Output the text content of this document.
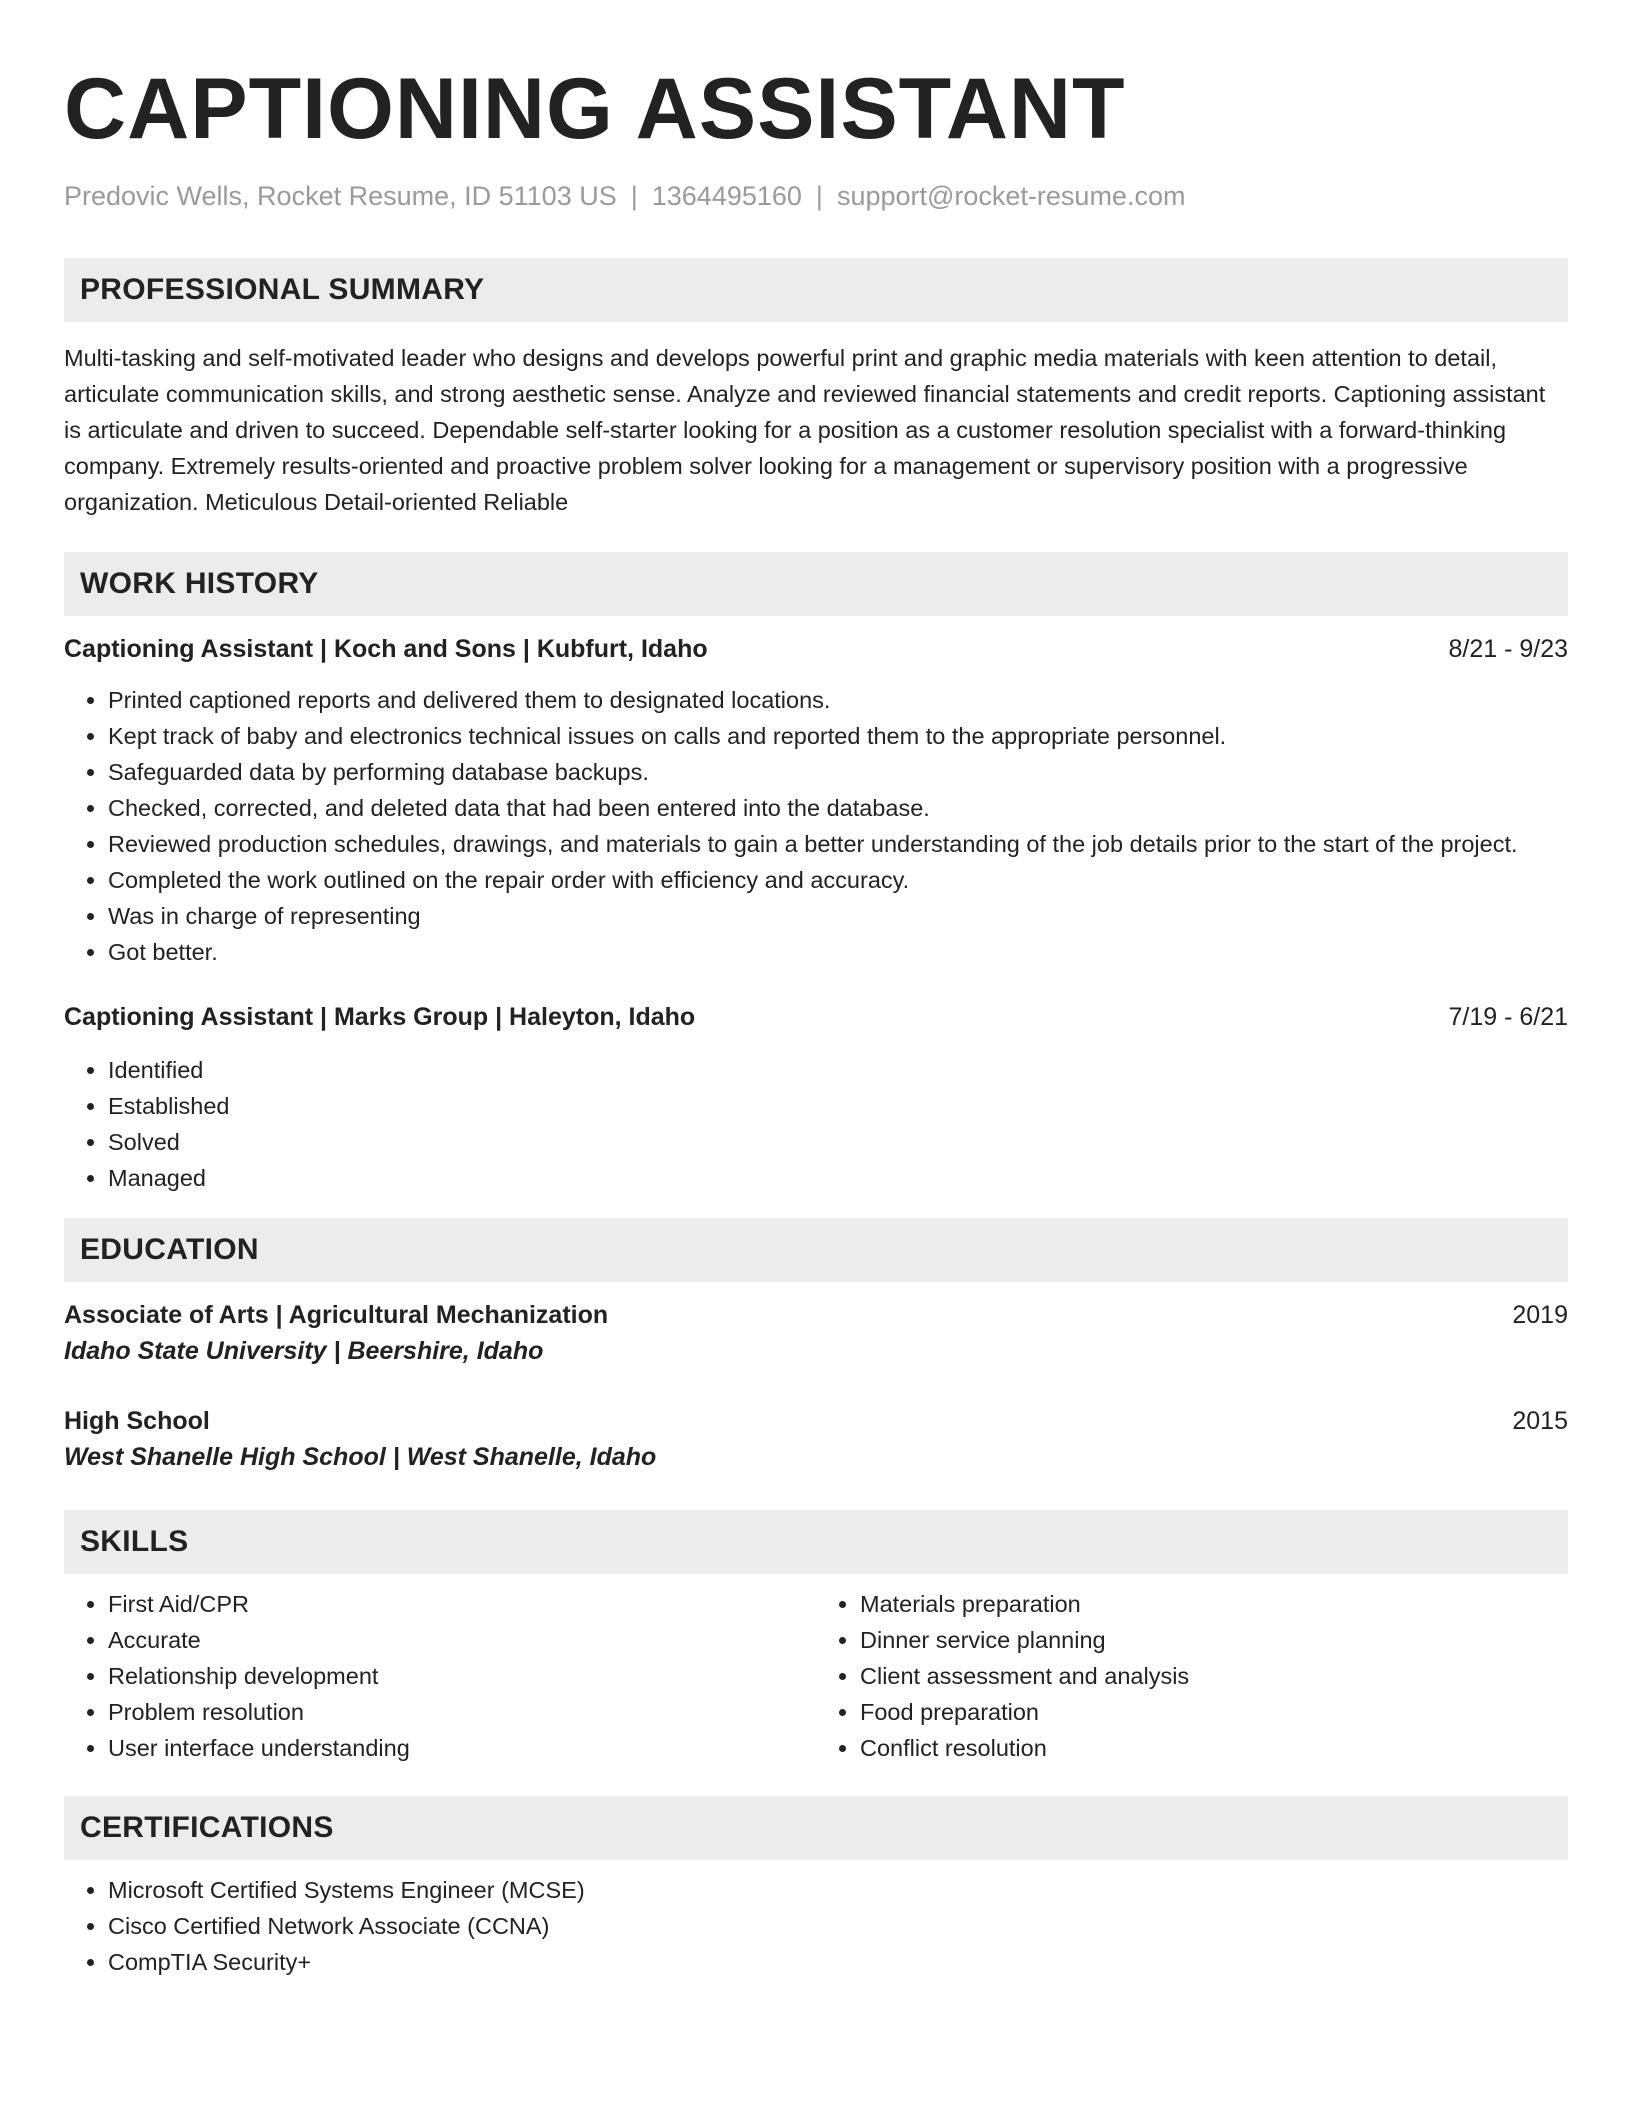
CAPTIONING ASSISTANT
Predovic Wells, Rocket Resume, ID 51103 US | 1364495160 | support@rocket-resume.com
PROFESSIONAL SUMMARY
Multi-tasking and self-motivated leader who designs and develops powerful print and graphic media materials with keen attention to detail, articulate communication skills, and strong aesthetic sense. Analyze and reviewed financial statements and credit reports. Captioning assistant is articulate and driven to succeed. Dependable self-starter looking for a position as a customer resolution specialist with a forward-thinking company. Extremely results-oriented and proactive problem solver looking for a management or supervisory position with a progressive organization. Meticulous Detail-oriented Reliable
WORK HISTORY
Captioning Assistant | Koch and Sons | Kubfurt, Idaho	8/21 - 9/23
• Printed captioned reports and delivered them to designated locations.
• Kept track of baby and electronics technical issues on calls and reported them to the appropriate personnel.
• Safeguarded data by performing database backups.
• Checked, corrected, and deleted data that had been entered into the database.
• Reviewed production schedules, drawings, and materials to gain a better understanding of the job details prior to the start of the project.
• Completed the work outlined on the repair order with efficiency and accuracy.
• Was in charge of representing
• Got better.
Captioning Assistant | Marks Group | Haleyton, Idaho	7/19 - 6/21
• Identified
• Established
• Solved
• Managed
EDUCATION
Associate of Arts | Agricultural Mechanization	2019
Idaho State University | Beershire, Idaho
High School	2015
West Shanelle High School | West Shanelle, Idaho
SKILLS
• First Aid/CPR
• Accurate
• Relationship development
• Problem resolution
• User interface understanding
• Materials preparation
• Dinner service planning
• Client assessment and analysis
• Food preparation
• Conflict resolution
CERTIFICATIONS
• Microsoft Certified Systems Engineer (MCSE)
• Cisco Certified Network Associate (CCNA)
• CompTIA Security+
